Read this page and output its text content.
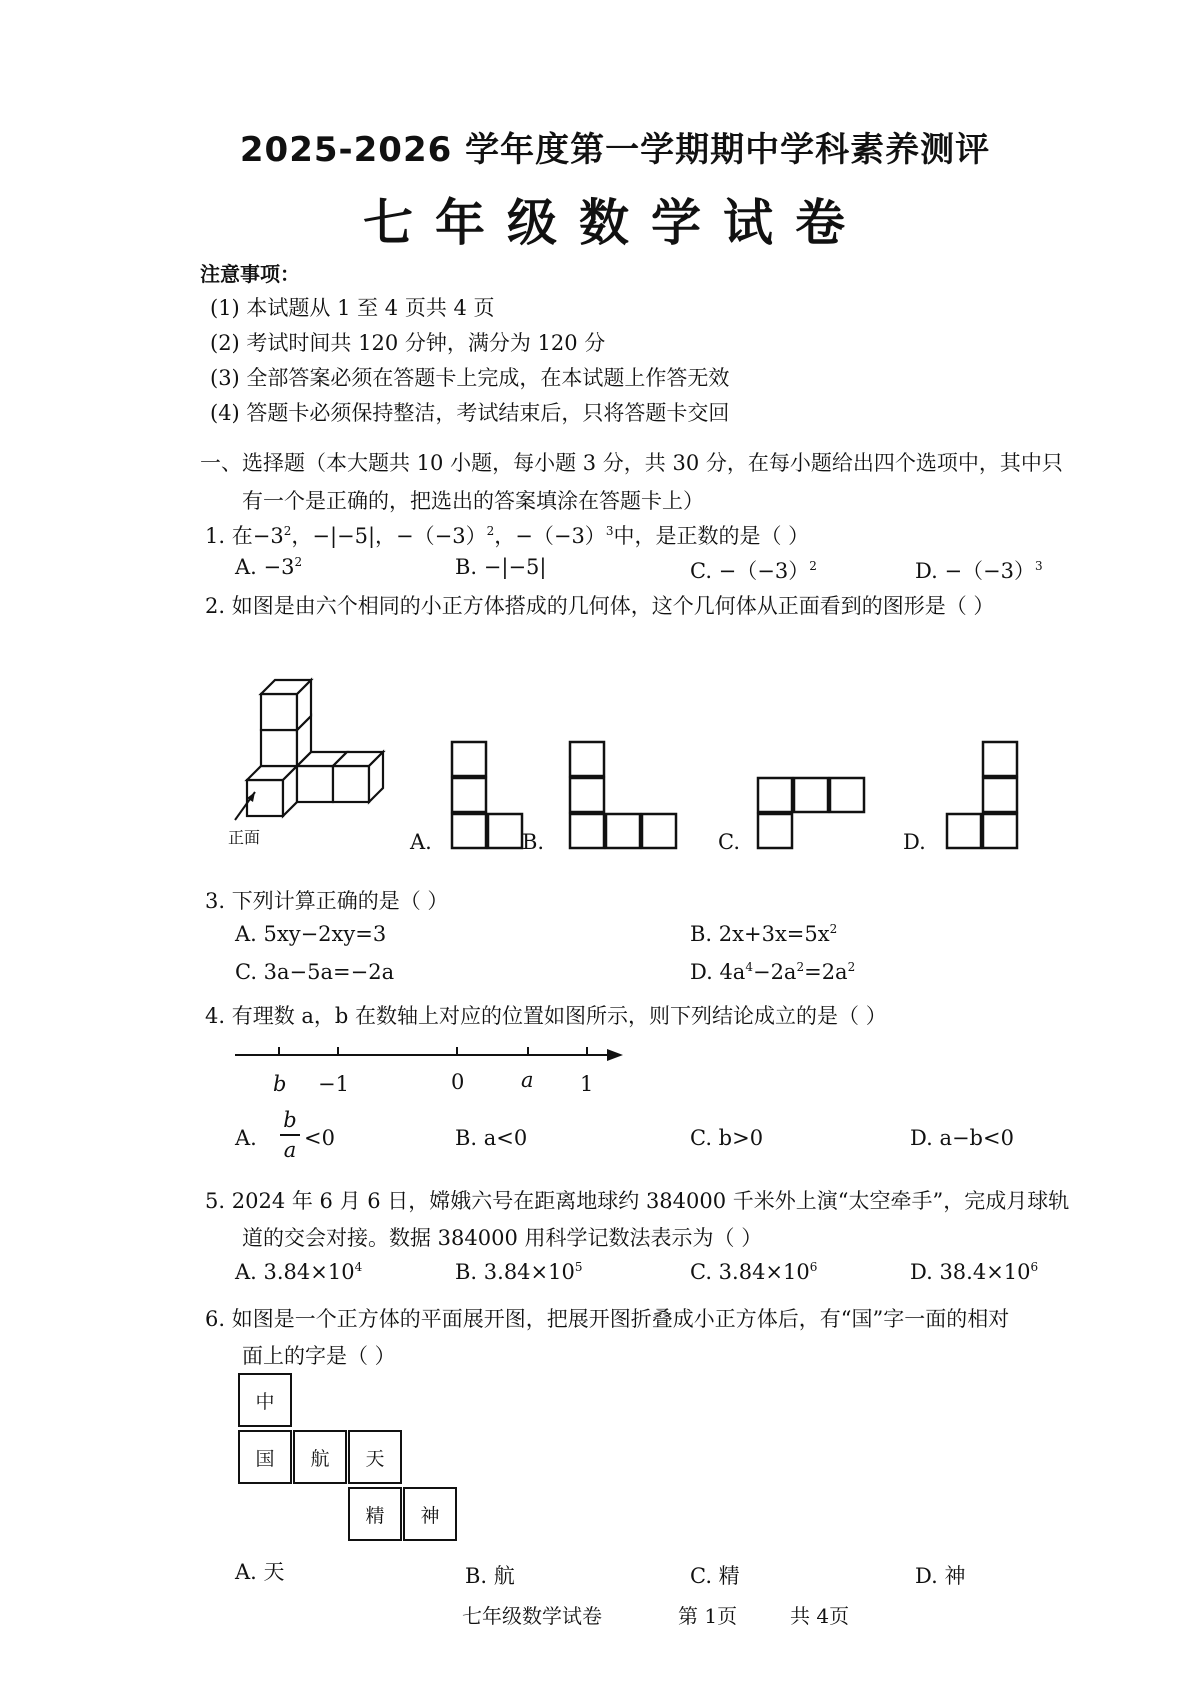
2025-2026 学年度第一学期期中学科素养测评
七年级数学试卷
注意事项：
(1) 本试题从 1 至 4 页共 4 页
(2) 考试时间共 120 分钟，满分为 120 分
(3) 全部答案必须在答题卡上完成，在本试题上作答无效
(4) 答题卡必须保持整洁，考试结束后，只将答题卡交回
一、选择题（本大题共 10 小题，每小题 3 分，共 30 分，在每小题给出四个选项中，其中只
有一个是正确的，把选出的答案填涂在答题卡上）
1. 在$-3^2$，−|−5|，$-(-3)^2$，$-(-3)^3$中，是正数的是（ ）
A. $-3^2$	B. −|−5|	C. $-(-3)^2$	D. $-(-3)^3$
2. 如图是由六个相同的小正方体搭成的几何体，这个几何体从正面看到的图形是（ ）
正面	A.	B.	C.	D.
3. 下列计算正确的是（ ）
A. 5xy−2xy=3	B. $2x+3x=5x^2$
C. 3a−5a=−2a	D. $4a^4-2a^2=2a^2$
4. 有理数 a，b 在数轴上对应的位置如图所示，则下列结论成立的是（ ）
b −1	0	a 1
A.
b
a <0	B. a<0	C. b>0	D. a−b<0
5. 2024 年 6 月 6 日，嫦娥六号在距离地球约 384000 千米外上演“太空牵手”，完成月球轨
道的交会对接。数据 384000 用科学记数法表示为（ ）
A. $3.84\times 10^4$	B. $3.84\times 10^5$	C. $3.84\times 10^6$	D. $38.4\times 10^6$
6. 如图是一个正方体的平面展开图，把展开图折叠成小正方体后，有“国”字一面的相对
面上的字是（ ）
中
国	航	天
精	神
A. 天	B. 航	C. 精	D. 神
七年级数学试卷	第 1页	共 4页
